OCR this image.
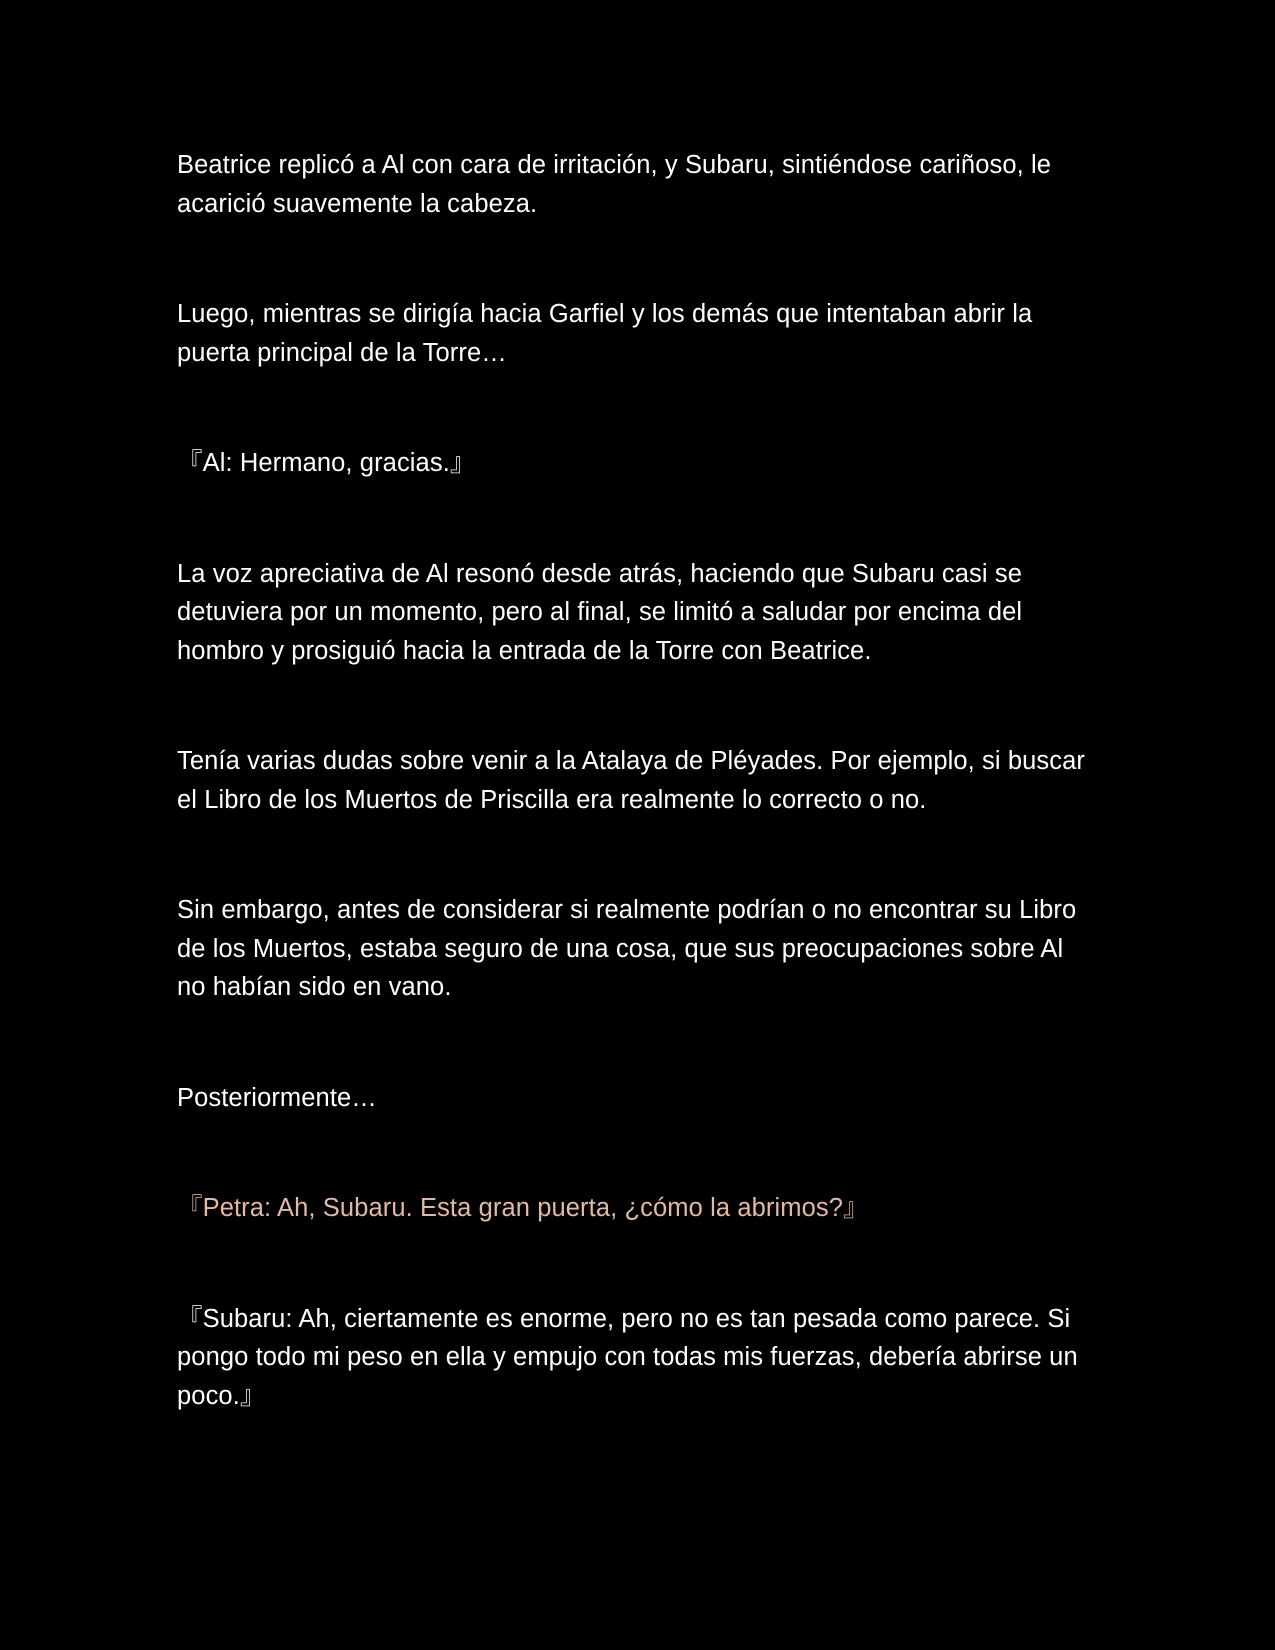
Beatrice replicó a Al con cara de irritación, y Subaru, sintiéndose cariñoso, le acarició suavemente la cabeza.

Luego, mientras se dirigía hacia Garfiel y los demás que intentaban abrir la puerta principal de la Torre…

『Al: Hermano, gracias.』

La voz apreciativa de Al resonó desde atrás, haciendo que Subaru casi se detuviera por un momento, pero al final, se limitó a saludar por encima del hombro y prosiguió hacia la entrada de la Torre con Beatrice.

Tenía varias dudas sobre venir a la Atalaya de Pléyades. Por ejemplo, si buscar el Libro de los Muertos de Priscilla era realmente lo correcto o no.

Sin embargo, antes de considerar si realmente podrían o no encontrar su Libro de los Muertos, estaba seguro de una cosa, que sus preocupaciones sobre Al no habían sido en vano.

Posteriormente…

『Petra: Ah, Subaru. Esta gran puerta, ¿cómo la abrimos?』

『Subaru: Ah, ciertamente es enorme, pero no es tan pesada como parece. Si pongo todo mi peso en ella y empujo con todas mis fuerzas, debería abrirse un poco.』
